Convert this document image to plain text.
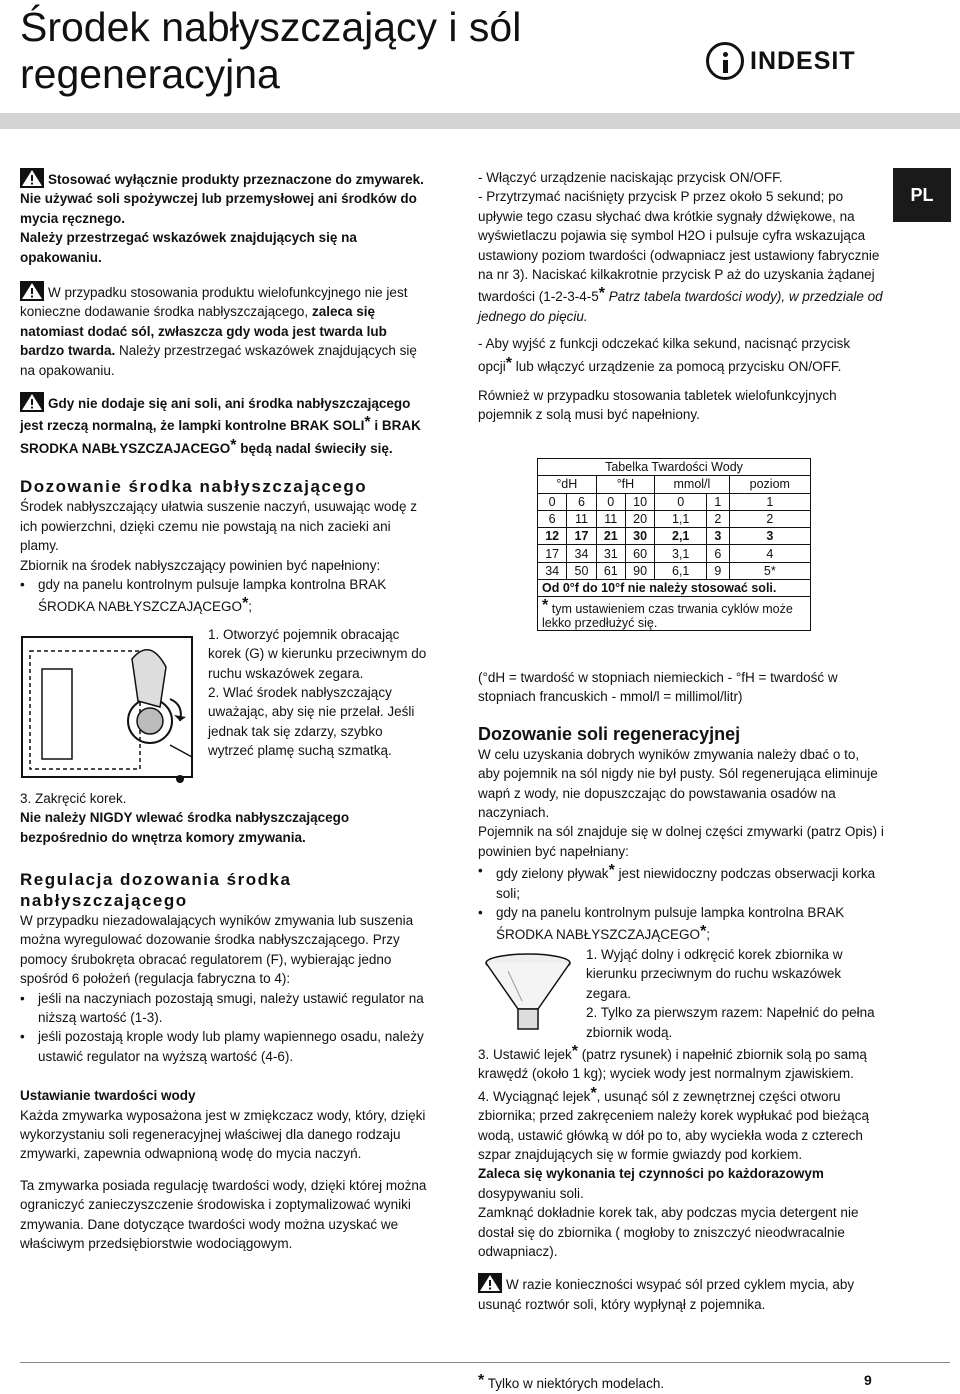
Środek nabłyszczający i sól
regeneracyjna	INDESIT
PL

Stosować wyłącznie produkty przeznaczone do zmywarek.
Nie używać soli spożywczej lub przemysłowej ani środków do mycia ręcznego.
Należy przestrzegać wskazówek znajdujących się na opakowaniu.

W przypadku stosowania produktu wielofunkcyjnego nie jest konieczne dodawanie środka nabłyszczającego, zaleca się natomiast dodać sól, zwłaszcza gdy woda jest twarda lub bardzo twarda. Należy przestrzegać wskazówek znajdujących się na opakowaniu.

Gdy nie dodaje się ani soli, ani środka nabłyszczającego jest rzeczą normalną, że lampki kontrolne BRAK SOLI* i BRAK SRODKA NABŁYSZCZAJACEGO* będą nadal świeciły się.

Dozowanie środka nabłyszczającego

Środek nabłyszczający ułatwia suszenie naczyń, usuwając wodę z ich powierzchni, dzięki czemu nie powstają na nich zacieki ani plamy.

Zbiornik na środek nabłyszczający powinien być napełniony:

• gdy na panelu kontrolnym pulsuje lampka kontrolna BRAK ŚRODKA NABŁYSZCZAJĄCEGO*;

1. Otworzyć pojemnik obracając korek (G) w kierunku przeciwnym do ruchu wskazówek zegara.

2. Wlać środek nabłyszczający uważając, aby się nie przelał. Jeśli jednak tak się zdarzy, szybko wytrzeć plamę suchą szmatką.

3. Zakręcić korek.

Nie należy NIGDY wlewać środka nabłyszczającego bezpośrednio do wnętrza komory zmywania.

Regulacja dozowania środka nabłyszczającego

W przypadku niezadowalających wyników zmywania lub suszenia można wyregulować dozowanie środka nabłyszczającego. Przy pomocy śrubokręta obracać regulatorem (F), wybierając jedno spośród 6 położeń (regulacja fabryczna to 4):

• jeśli na naczyniach pozostają smugi, należy ustawić regulator na niższą wartość (1-3).
• jeśli pozostają krople wody lub plamy wapiennego osadu, należy ustawić regulator na wyższą wartość (4-6).

Ustawianie twardości wody

Każda zmywarka wyposażona jest w zmiękczacz wody, który, dzięki wykorzystaniu soli regeneracyjnej właściwej dla danego rodzaju zmywarki, zapewnia odwapnioną wodę do mycia naczyń.

Ta zmywarka posiada regulację twardości wody, dzięki której można ograniczyć zanieczyszczenie środowiska i zoptymalizować wyniki zmywania. Dane dotyczące twardości wody można uzyskać we właściwym przedsiębiorstwie wodociągowym.

- Włączyć urządzenie naciskając przycisk ON/OFF.

- Przytrzymać naciśnięty przycisk P przez około 5 sekund; po upływie tego czasu słychać dwa krótkie sygnały dźwiękowe, na wyświetlaczu pojawia się symbol H2O i pulsuje cyfra wskazująca ustawiony poziom twardości (odwapniacz jest ustawiony fabrycznie na nr 3). Naciskać kilkakrotnie przycisk P aż do uzyskania żądanej twardości (1-2-3-4-5* Patrz tabela twardości wody), w przedziale od jednego do pięciu.

- Aby wyjść z funkcji odczekać kilka sekund, nacisnąć przycisk opcji* lub włączyć urządzenie za pomocą przycisku ON/OFF.

Również w przypadku stosowania tabletek wielofunkcyjnych pojemnik z solą musi być napełniony.

Tabelka Twardości Wody						
°dH		°fH		mmol/l		poziom
0	6	0	10	0	1	1
6	11	11	20	1,1	2	2
12	17	21	30	2,1	3	3
17	34	31	60	3,1	6	4
34	50	61	90	6,1	9	5*
Od 0°f do 10°f nie należy stosować soli.						
* tym ustawieniem czas trwania cyklów może lekko przedłużyć się.						

(°dH = twardość w stopniach niemieckich - °fH = twardość w stopniach francuskich - mmol/l = millimol/litr)

Dozowanie soli regeneracyjnej

W celu uzyskania dobrych wyników zmywania należy dbać o to, aby pojemnik na sól nigdy nie był pusty. Sól regenerująca eliminuje wapń z wody, nie dopuszczając do powstawania osadów na naczyniach.

Pojemnik na sól znajduje się w dolnej części zmywarki (patrz Opis) i powinien być napełniany:

• gdy zielony pływak* jest niewidoczny podczas obserwacji korka soli;
• gdy na panelu kontrolnym pulsuje lampka kontrolna BRAK ŚRODKA NABŁYSZCZAJĄCEGO*;

1. Wyjąć dolny i odkręcić korek zbiornika w kierunku przeciwnym do ruchu wskazówek zegara.

2. Tylko za pierwszym razem: Napełnić do pełna zbiornik wodą.

3. Ustawić lejek* (patrz rysunek) i napełnić zbiornik solą po samą krawędź (około 1 kg); wyciek wody jest normalnym zjawiskiem.

4. Wyciągnąć lejek*, usunąć sól z zewnętrznej części otworu zbiornika; przed zakręceniem należy korek wypłukać pod bieżącą wodą, ustawić główką w dół po to, aby wyciekła woda z czterech szpar znajdujących się w formie gwiazdy pod korkiem.

Zaleca się wykonania tej czynności po każdorazowym

dosypywaniu soli.

Zamknąć dokładnie korek tak, aby podczas mycia detergent nie dostał się do zbiornika ( mogłoby to zniszczyć nieodwracalnie odwapniacz).

W razie konieczności wsypać sól przed cyklem mycia, aby usunąć roztwór soli, który wypłynął z pojemnika.

* Tylko w niektórych modelach.	9
